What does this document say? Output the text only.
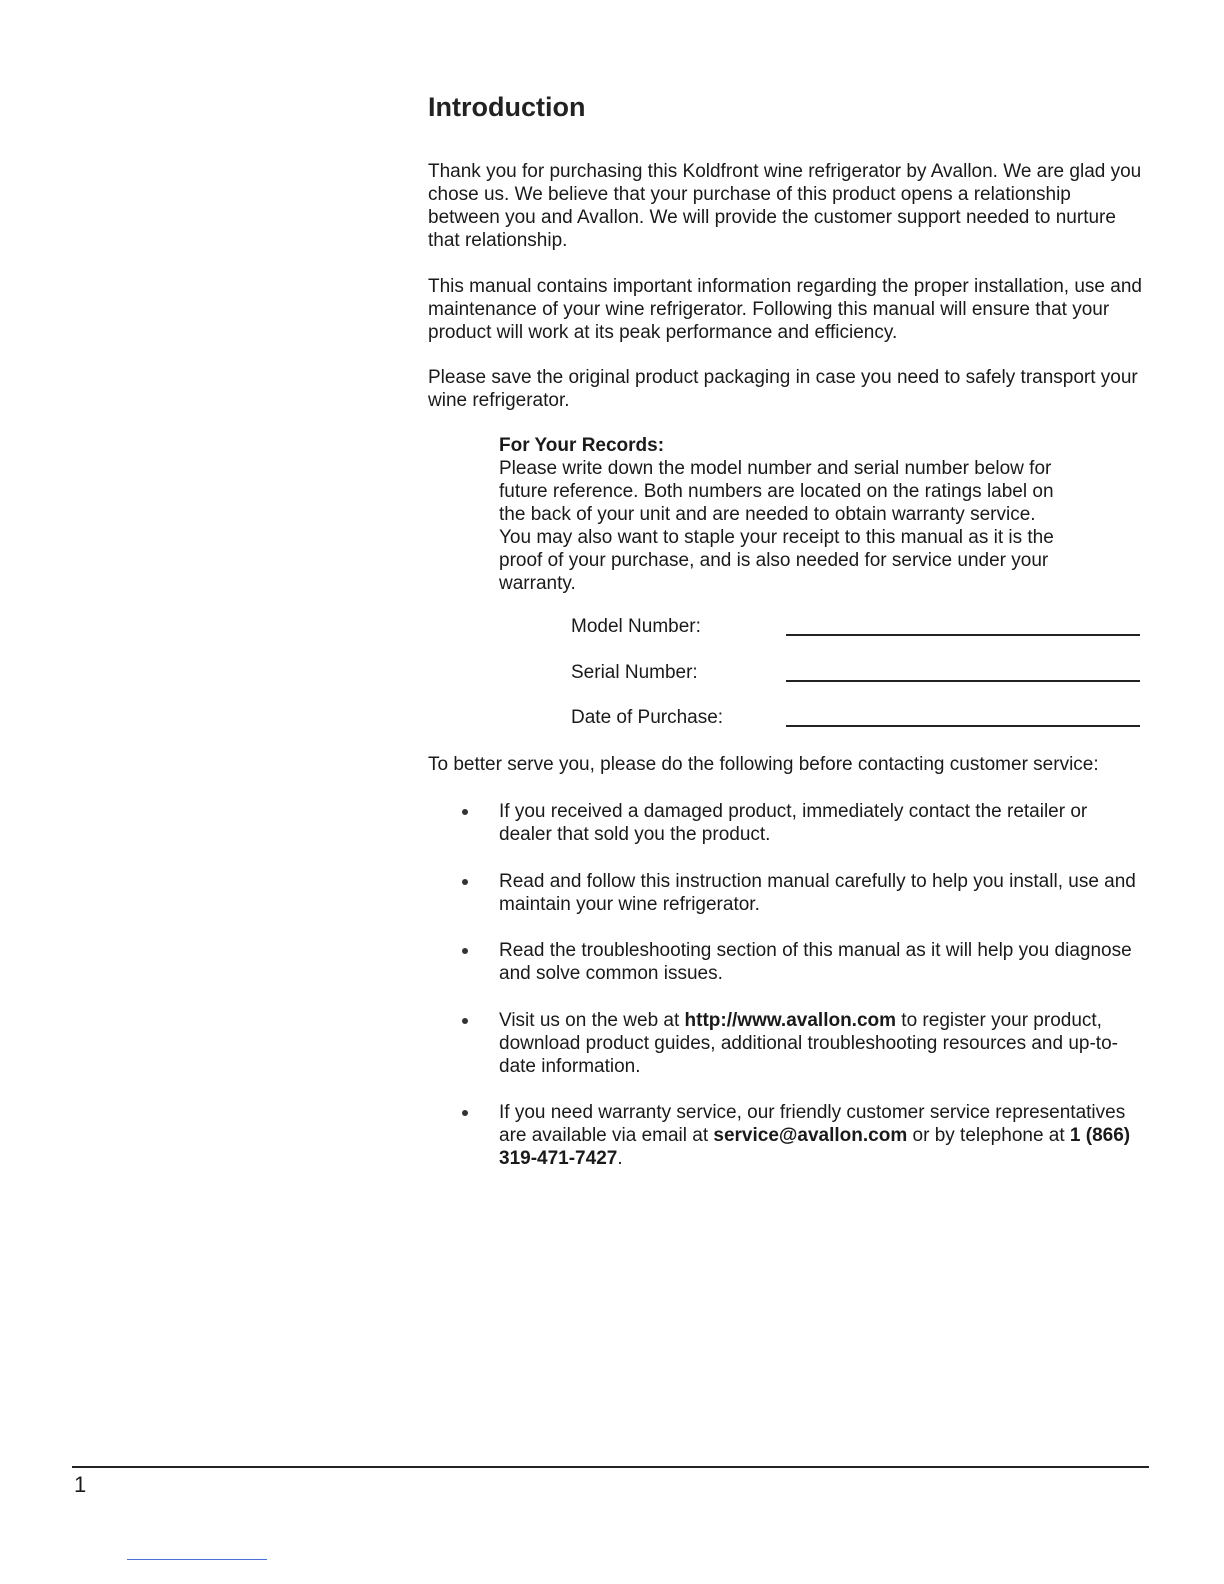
Introduction

Thank you for purchasing this Koldfront wine refrigerator by Avallon. We are glad you chose us. We believe that your purchase of this product opens a relationship between you and Avallon. We will provide the customer support needed to nurture that relationship.

This manual contains important information regarding the proper installation, use and maintenance of your wine refrigerator. Following this manual will ensure that your product will work at its peak performance and efficiency.

Please save the original product packaging in case you need to safely transport your wine refrigerator.

For Your Records:
Please write down the model number and serial number below for future reference. Both numbers are located on the ratings label on the back of your unit and are needed to obtain warranty service. You may also want to staple your receipt to this manual as it is the proof of your purchase, and is also needed for service under your warranty.
Model Number:
Serial Number:
Date of Purchase:

To better serve you, please do the following before contacting customer service:

If you received a damaged product, immediately contact the retailer or dealer that sold you the product.
Read and follow this instruction manual carefully to help you install, use and maintain your wine refrigerator.
Read the troubleshooting section of this manual as it will help you diagnose and solve common issues.
Visit us on the web at http://www.avallon.com to register your product, download product guides, additional troubleshooting resources and up-to-date information.
If you need warranty service, our friendly customer service representatives are available via email at service@avallon.com or by telephone at 1 (866) 319-471-7427.
1
